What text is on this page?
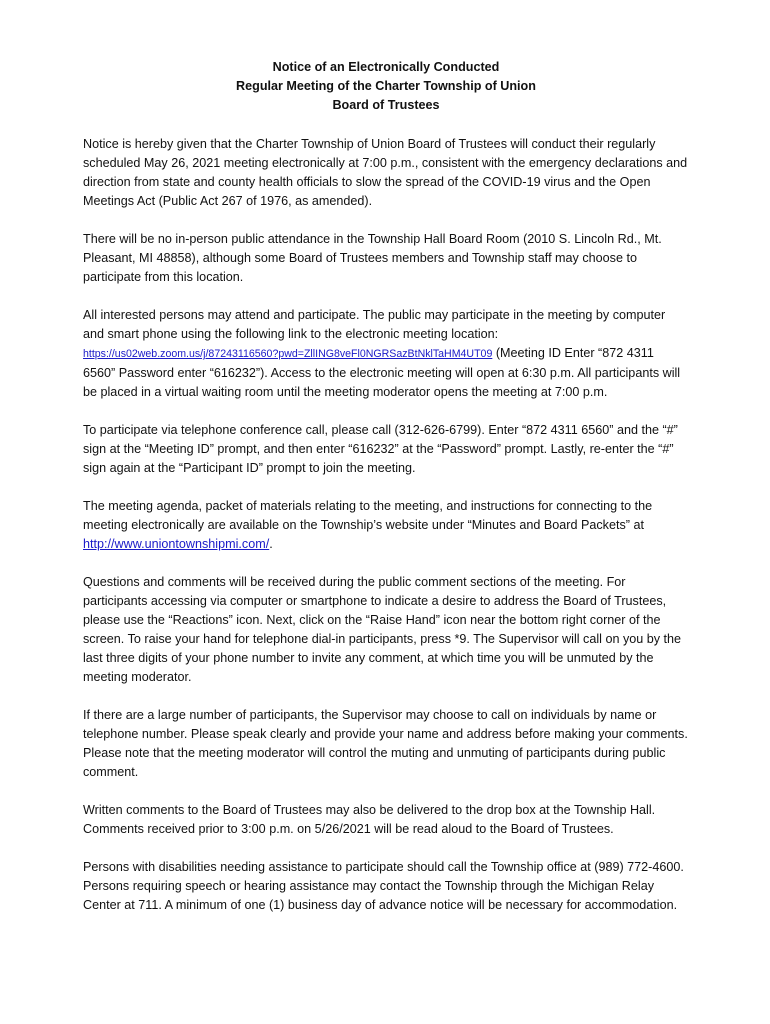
Notice of an Electronically Conducted
Regular Meeting of the Charter Township of Union
Board of Trustees

Notice is hereby given that the Charter Township of Union Board of Trustees will conduct their regularly scheduled May 26, 2021 meeting electronically at 7:00 p.m., consistent with the emergency declarations and direction from state and county health officials to slow the spread of the COVID-19 virus and the Open Meetings Act (Public Act 267 of 1976, as amended).

There will be no in-person public attendance in the Township Hall Board Room (2010 S. Lincoln Rd., Mt. Pleasant, MI 48858), although some Board of Trustees members and Township staff may choose to participate from this location.

All interested persons may attend and participate. The public may participate in the meeting by computer and smart phone using the following link to the electronic meeting location: https://us02web.zoom.us/j/87243116560?pwd=ZllING8veFl0NGRSazBtNklTaHM4UT09 (Meeting ID Enter “872 4311 6560” Password enter “616232”). Access to the electronic meeting will open at 6:30 p.m. All participants will be placed in a virtual waiting room until the meeting moderator opens the meeting at 7:00 p.m.

To participate via telephone conference call, please call (312-626-6799). Enter “872 4311 6560” and the “#” sign at the “Meeting ID” prompt, and then enter “616232” at the “Password” prompt. Lastly, re-enter the “#” sign again at the “Participant ID” prompt to join the meeting.

The meeting agenda, packet of materials relating to the meeting, and instructions for connecting to the meeting electronically are available on the Township’s website under “Minutes and Board Packets” at http://www.uniontownshipmi.com/.

Questions and comments will be received during the public comment sections of the meeting. For participants accessing via computer or smartphone to indicate a desire to address the Board of Trustees, please use the “Reactions” icon. Next, click on the “Raise Hand” icon near the bottom right corner of the screen. To raise your hand for telephone dial-in participants, press *9. The Supervisor will call on you by the last three digits of your phone number to invite any comment, at which time you will be unmuted by the meeting moderator.

If there are a large number of participants, the Supervisor may choose to call on individuals by name or telephone number. Please speak clearly and provide your name and address before making your comments. Please note that the meeting moderator will control the muting and unmuting of participants during public comment.

Written comments to the Board of Trustees may also be delivered to the drop box at the Township Hall. Comments received prior to 3:00 p.m. on 5/26/2021 will be read aloud to the Board of Trustees.

Persons with disabilities needing assistance to participate should call the Township office at (989) 772-4600. Persons requiring speech or hearing assistance may contact the Township through the Michigan Relay Center at 711. A minimum of one (1) business day of advance notice will be necessary for accommodation.
